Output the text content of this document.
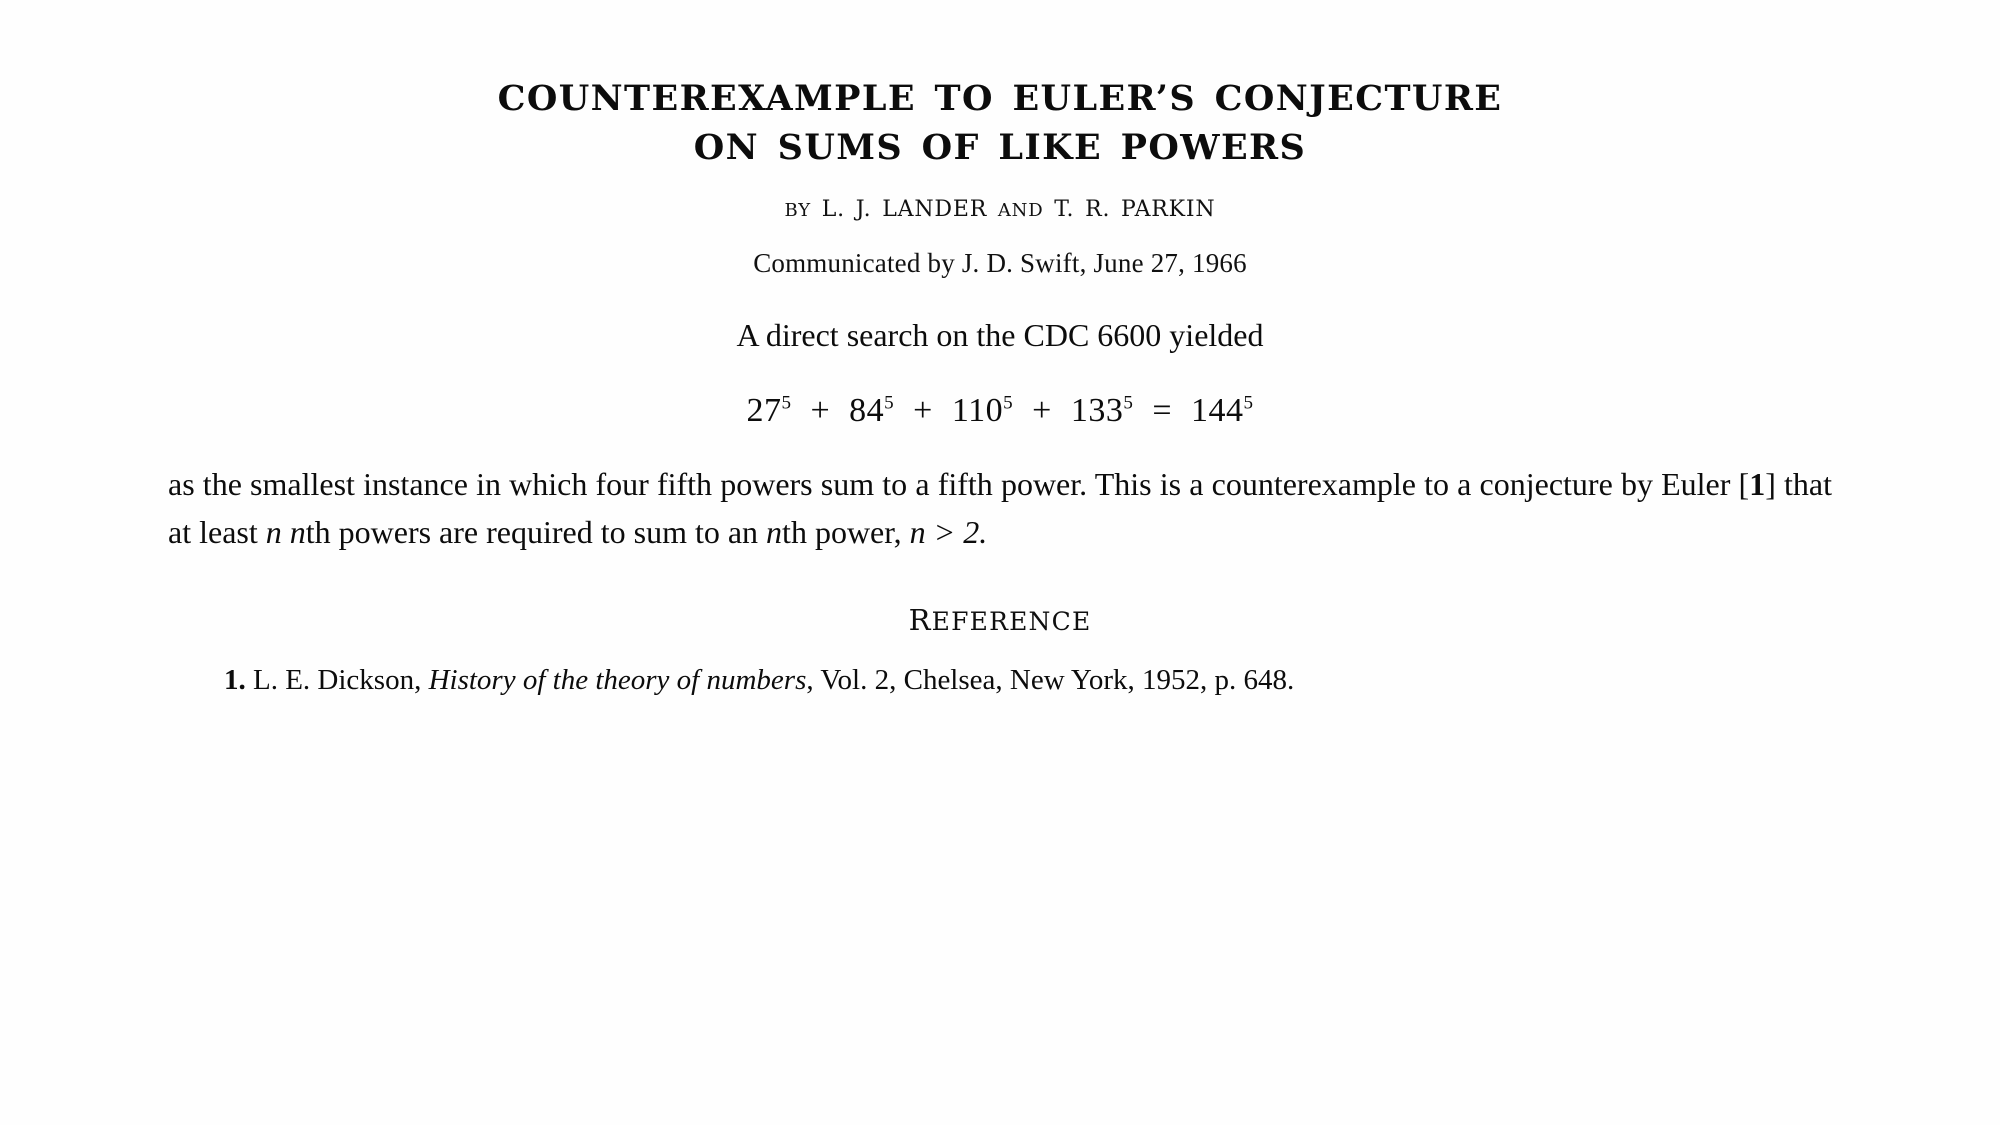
COUNTEREXAMPLE TO EULER’S CONJECTURE
ON SUMS OF LIKE POWERS
BY L. J. LANDER AND T. R. PARKIN
Communicated by J. D. Swift, June 27, 1966

A direct search on the CDC 6600 yielded

$27^5 + 84^5 + 110^5 + 133^5 = 144^5$

as the smallest instance in which four fifth powers sum to a fifth power. This is a counterexample to a conjecture by Euler [1] that at least n nth powers are required to sum to an nth power, n > 2.

REFERENCE

1. L. E. Dickson, History of the theory of numbers, Vol. 2, Chelsea, New York, 1952, p. 648.
